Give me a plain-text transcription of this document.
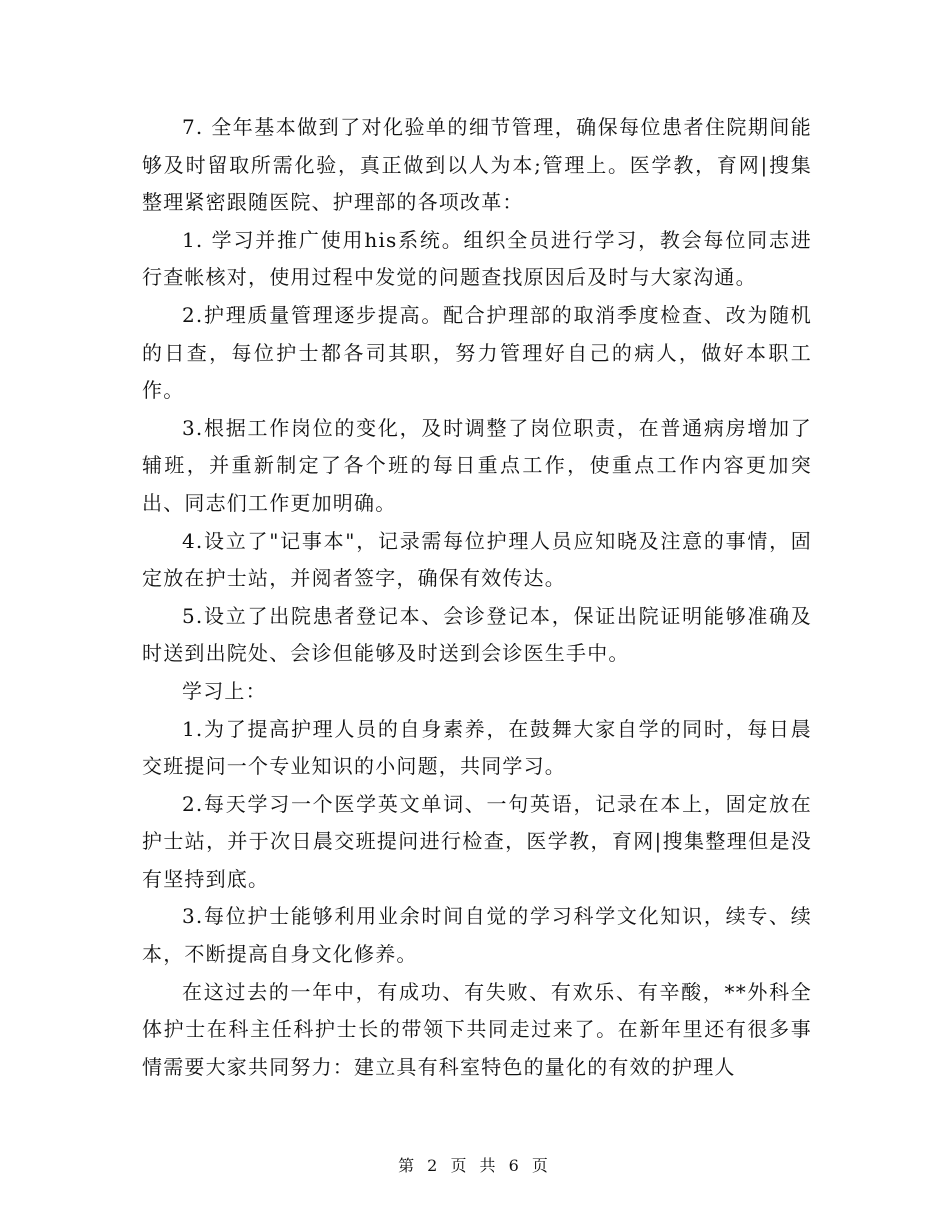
7. 全年基本做到了对化验单的细节管理，确保每位患者住院期间能够及时留取所需化验，真正做到以人为本;管理上。医学教，育网|搜集整理紧密跟随医院、护理部的各项改革：

1. 学习并推广使用his系统。组织全员进行学习，教会每位同志进行查帐核对，使用过程中发觉的问题查找原因后及时与大家沟通。

2.护理质量管理逐步提高。配合护理部的取消季度检查、改为随机的日查，每位护士都各司其职，努力管理好自己的病人，做好本职工作。

3.根据工作岗位的变化，及时调整了岗位职责，在普通病房增加了辅班，并重新制定了各个班的每日重点工作，使重点工作内容更加突出、同志们工作更加明确。

4.设立了"记事本"，记录需每位护理人员应知晓及注意的事情，固定放在护士站，并阅者签字，确保有效传达。

5.设立了出院患者登记本、会诊登记本，保证出院证明能够准确及时送到出院处、会诊但能够及时送到会诊医生手中。

学习上：

1.为了提高护理人员的自身素养，在鼓舞大家自学的同时，每日晨交班提问一个专业知识的小问题，共同学习。

2.每天学习一个医学英文单词、一句英语，记录在本上，固定放在护士站，并于次日晨交班提问进行检查，医学教，育网|搜集整理但是没有坚持到底。

3.每位护士能够利用业余时间自觉的学习科学文化知识，续专、续本，不断提高自身文化修养。

在这过去的一年中，有成功、有失败、有欢乐、有辛酸，**外科全体护士在科主任科护士长的带领下共同走过来了。在新年里还有很多事情需要大家共同努力：建立具有科室特色的量化的有效的护理人

第 2 页 共 6 页
